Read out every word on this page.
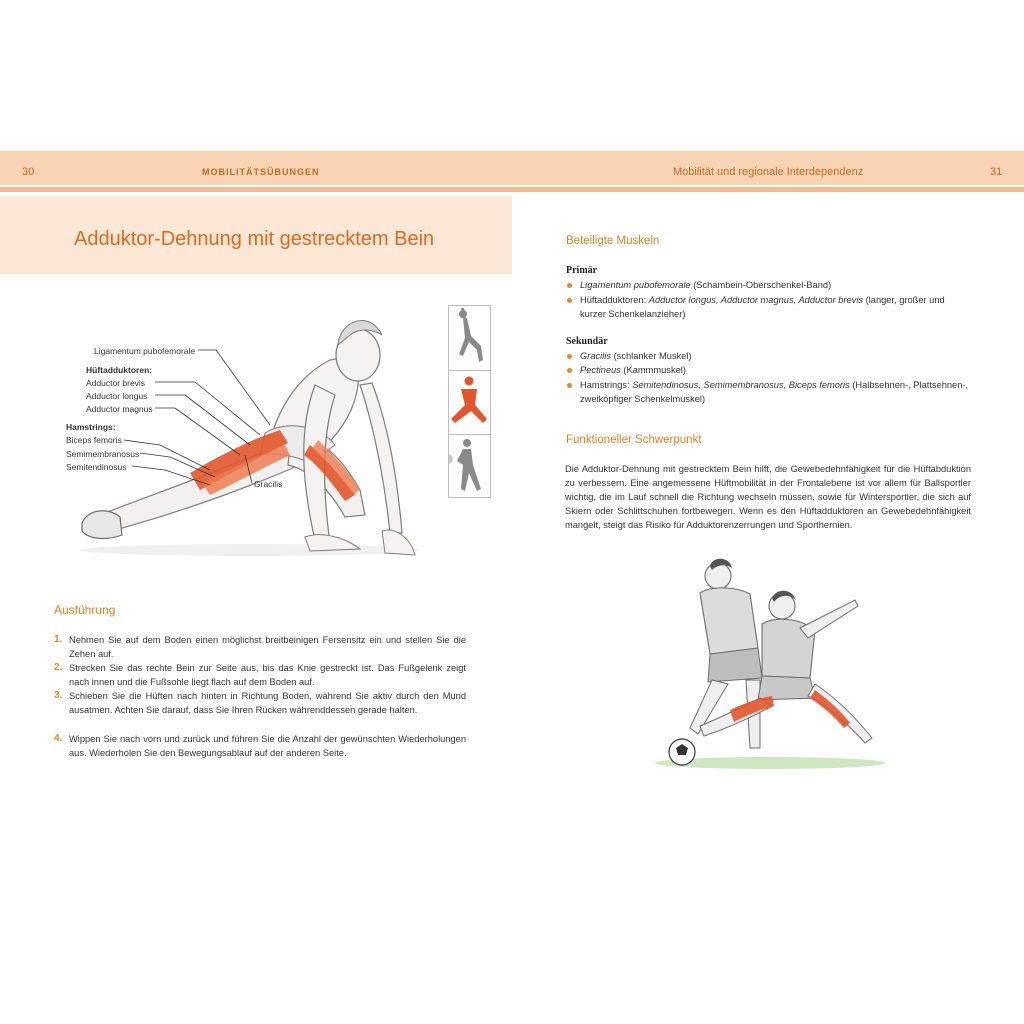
30	MOBILITÄTSÜBUNGEN	Mobilität und regionale Interdependenz	31
Adduktor-Dehnung mit gestrecktem Bein
Ligamentum pubofemorale
Hüftadduktoren:
Adductor brevis
Adductor longus
Adductor magnus
Hamstrings:
Biceps femoris
Semimembranosus
Semitendinosus
Gracilis
Ausführung
1. Nehmen Sie auf dem Boden einen möglichst breitbeinigen Fersensitz ein und stellen Sie die Zehen auf.
2. Strecken Sie das rechte Bein zur Seite aus, bis das Knie gestreckt ist. Das Fußgelenk zeigt nach innen und die Fußsohle liegt flach auf dem Boden auf.
3. Schieben Sie die Hüften nach hinten in Richtung Boden, während Sie aktiv durch den Mund ausatmen. Achten Sie darauf, dass Sie Ihren Rücken währenddessen gerade halten.
4. Wippen Sie nach vorn und zurück und führen Sie die Anzahl der gewünschten Wiederholungen aus. Wiederholen Sie den Bewegungsablauf auf der anderen Seite.
Beteiligte Muskeln
Primär
Ligamentum pubofemorale (Schambein-Oberschenkel-Band)
Hüftadduktoren: Adductor longus, Adductor magnus, Adductor brevis (langer, großer und kurzer Schenkelanzieher)
Sekundär
Gracilis (schlanker Muskel)
Pectineus (Kammmuskel)
Hamstrings: Semitendinosus, Semimembranosus, Biceps femoris (Halbsehnen-, Plattsehnen-, zweiköpfiger Schenkelmuskel)
Funktioneller Schwerpunkt
Die Adduktor-Dehnung mit gestrecktem Bein hilft, die Gewebedehnfähigkeit für die Hüftabduktion zu verbessern. Eine angemessene Hüftmobilität in der Frontalebene ist vor allem für Ballsportler wichtig, die im Lauf schnell die Richtung wechseln müssen, sowie für Wintersportler, die sich auf Skiern oder Schlittschuhen fortbewegen. Wenn es den Hüftadduktoren an Gewebedehnfähigkeit mangelt, steigt das Risiko für Adduktorenzerrungen und Sporthernien.
